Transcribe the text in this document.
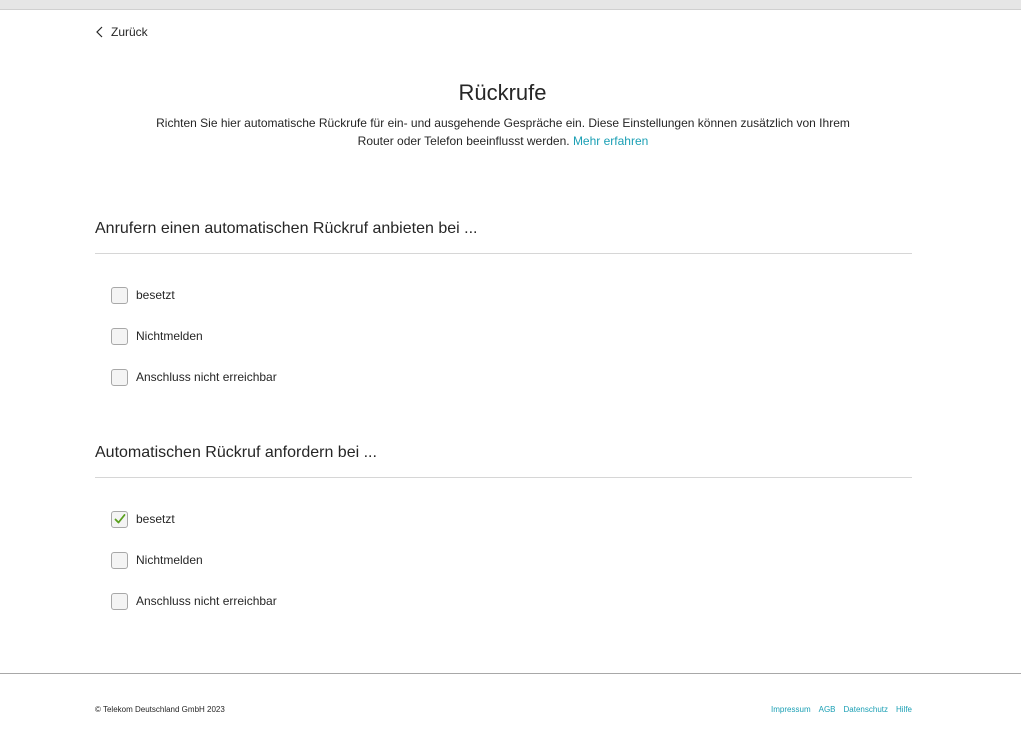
Zurück
Rückrufe

Richten Sie hier automatische Rückrufe für ein- und ausgehende Gespräche ein. Diese Einstellungen können zusätzlich von Ihrem Router oder Telefon beeinflusst werden. Mehr erfahren

Anrufern einen automatischen Rückruf anbieten bei ...
besetzt
Nichtmelden
Anschluss nicht erreichbar
Automatischen Rückruf anfordern bei ...
besetzt
Nichtmelden
Anschluss nicht erreichbar
© Telekom Deutschland GmbH 2023	Impressum AGB Datenschutz Hilfe
